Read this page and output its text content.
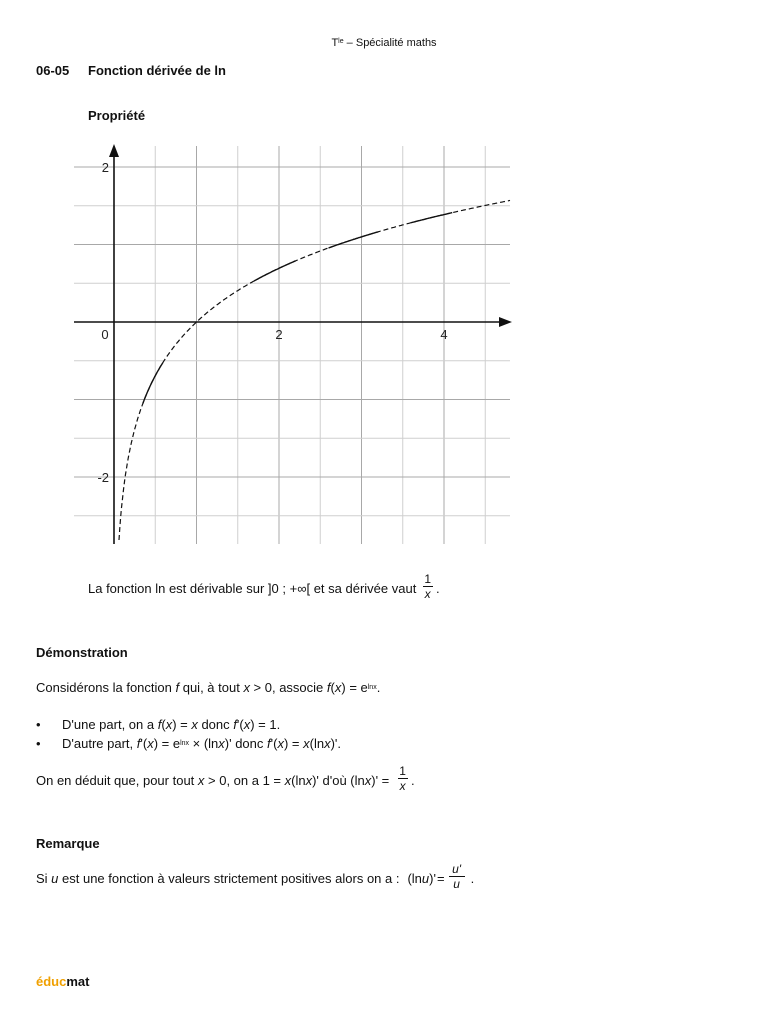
$T^{le}$ – Spécialité maths
06-05 Fonction dérivée de ln
Propriété
0	2	4
2
-2
La fonction ln est dérivable sur ]0 ; +∞[ et sa dérivée vaut $\frac{1}{x}$ .
Démonstration
Considérons la fonction f qui, à tout x > 0, associe $f(x) = e^{lnx}$.
• D'une part, on a f(x) = x donc f'(x) = 1.
• D'autre part, $f'(x) = e^{lnx} \times (\ln x)'$ donc f'(x) = x(lnx)'.
On en déduit que, pour tout x > 0, on a 1 = x(lnx)' d'où $(\ln x)' = \frac{1}{x}$ .
Remarque
Si u est une fonction à valeurs strictement positives alors on a : (ln u )' = $\frac{u'}{u}$ .
éducmat
